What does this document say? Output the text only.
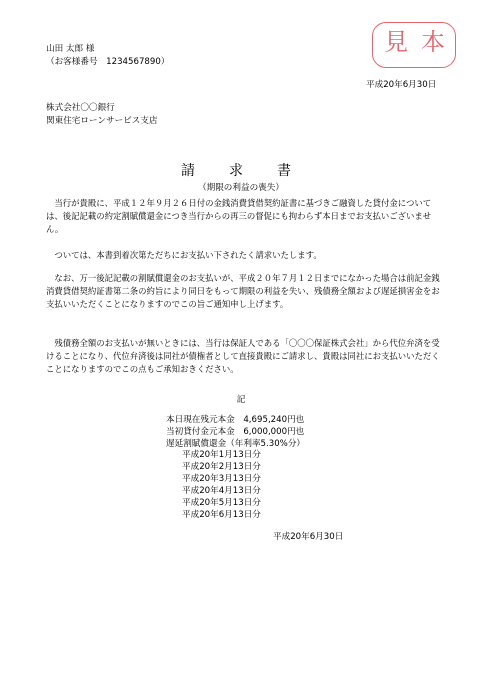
山田 太郎 様
（お客様番号　1234567890）
見 本
平成20年6月30日
株式会社〇〇銀行
関東住宅ローンサービス支店
請　求　書
（期限の利益の喪失）
　当行が貴殿に、平成１２年９月２６日付の金銭消費貸借契約証書に基づきご融資した貸付金については、後記記載の約定割賦償還金につき当行からの再三の督促にも拘わらず本日までお支払いございません。
　ついては、本書到着次第ただちにお支払い下されたく請求いたします。
　なお、万一後記記載の割賦償還金のお支払いが、平成２０年７月１２日までになかった場合は前記金銭消費貸借契約証書第二条の約旨により同日をもって期限の利益を失い、残債務全額および遅延損害金をお支払いいただくことになりますのでこの旨ご通知申し上げます。
　残債務全額のお支払いが無いときには、当行は保証人である「〇〇〇保証株式会社」から代位弁済を受けることになり、代位弁済後は同社が債権者として直接貴殿にご請求し、貴殿は同社にお支払いいただくことになりますのでこの点もご承知おきください。
記
本日現在残元本金　4,695,240円也
当初貸付金元本金　6,000,000円也
遅延割賦償還金（年利率5.30%分）
平成20年1月13日分
平成20年2月13日分
平成20年3月13日分
平成20年4月13日分
平成20年5月13日分
平成20年6月13日分
平成20年6月30日
